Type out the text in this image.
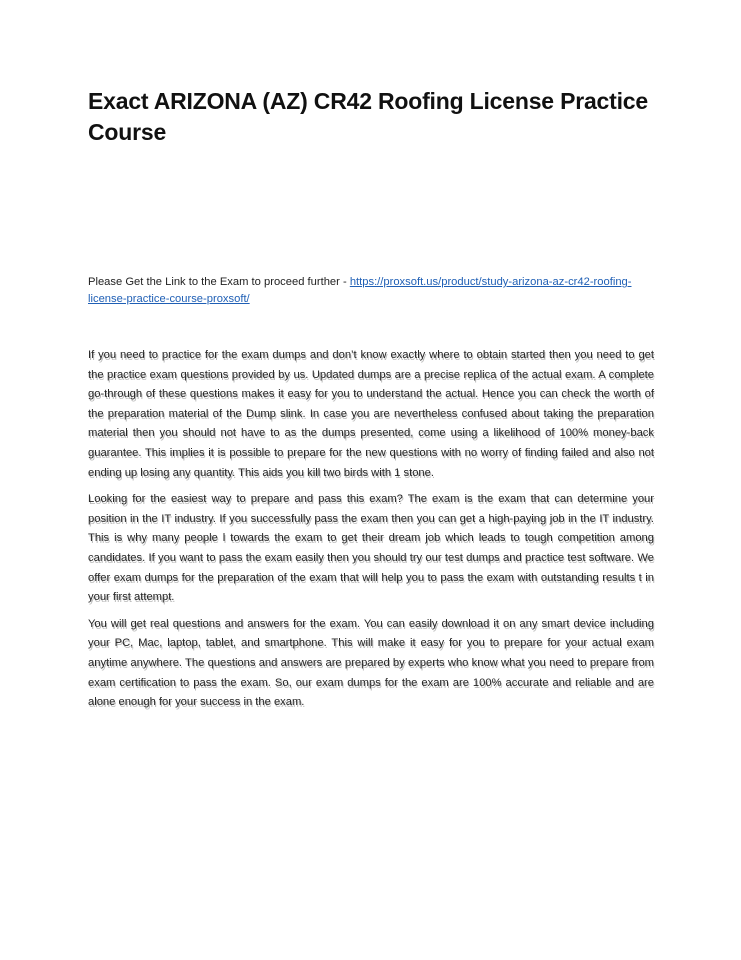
Exact ARIZONA (AZ) CR42 Roofing License Practice Course

Please Get the Link to the Exam to proceed further - https://proxsoft.us/product/study-arizona-az-cr42-roofing-license-practice-course-proxsoft/

If you need to practice for the exam dumps and don’t know exactly where to obtain started then you need to get the practice exam questions provided by us. Updated dumps are a precise replica of the actual exam. A complete go-through of these questions makes it easy for you to understand the actual. Hence you can check the worth of the preparation material of the Dump slink. In case you are nevertheless confused about taking the preparation material then you should not have to as the dumps presented, come using a likelihood of 100% money-back guarantee. This implies it is possible to prepare for the new questions with no worry of finding failed and also not ending up losing any quantity. This aids you kill two birds with 1 stone.

Looking for the easiest way to prepare and pass this exam? The exam is the exam that can determine your position in the IT industry. If you successfully pass the exam then you can get a high-paying job in the IT industry. This is why many people l towards the exam to get their dream job which leads to tough competition among candidates. If you want to pass the exam easily then you should try our test dumps and practice test software. We offer exam dumps for the preparation of the exam that will help you to pass the exam with outstanding results t in your first attempt.

You will get real questions and answers for the exam. You can easily download it on any smart device including your PC, Mac, laptop, tablet, and smartphone. This will make it easy for you to prepare for your actual exam anytime anywhere. The questions and answers are prepared by experts who know what you need to prepare from exam certification to pass the exam. So, our exam dumps for the exam are 100% accurate and reliable and are alone enough for your success in the exam.
